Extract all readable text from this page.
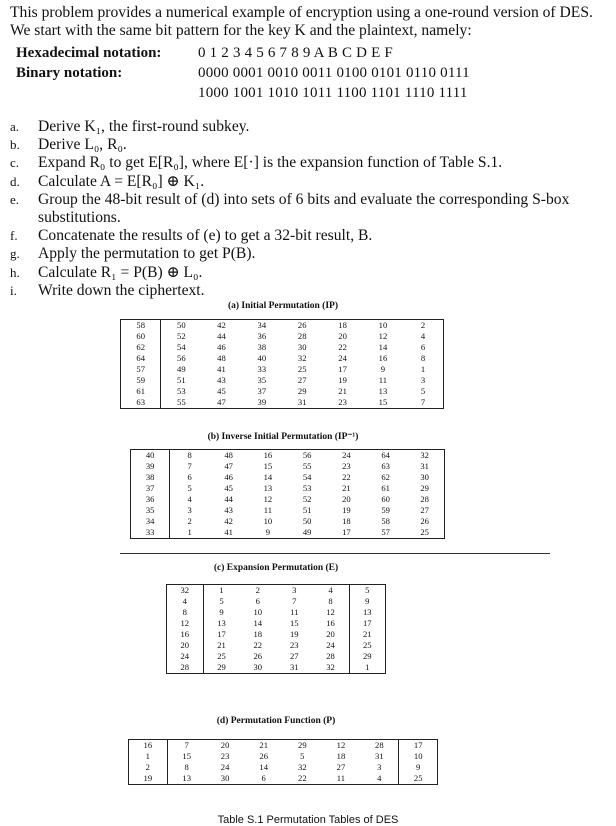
This problem provides a numerical example of encryption using a one-round version of DES. We start with the same bit pattern for the key K and the plaintext, namely:
Hexadecimal notation:	0 1 2 3 4 5 6 7 8 9 A B C D E F
Binary notation:	0000 0001 0010 0011 0100 0101 0110 0111
1000 1001 1010 1011 1100 1101 1110 1111
a.	Derive K₁, the first-round subkey.
b.	Derive L₀, R₀.
c.	Expand R₀ to get E[R₀], where E[·] is the expansion function of Table S.1.
d.	Calculate A = E[R₀] ⊕ K₁.
e.	Group the 48-bit result of (d) into sets of 6 bits and evaluate the corresponding S-box substitutions.
f.	Concatenate the results of (e) to get a 32-bit result, B.
g.	Apply the permutation to get P(B).
h.	Calculate R₁ = P(B) ⊕ L₀.
i.	Write down the ciphertext.
(a) Initial Permutation (IP)
58	50	42	34	26	18	10	2
60	52	44	36	28	20	12	4
62	54	46	38	30	22	14	6
64	56	48	40	32	24	16	8
57	49	41	33	25	17	9	1
59	51	43	35	27	19	11	3
61	53	45	37	29	21	13	5
63	55	47	39	31	23	15	7
(b) Inverse Initial Permutation (IP⁻¹)
40	8	48	16	56	24	64	32
39	7	47	15	55	23	63	31
38	6	46	14	54	22	62	30
37	5	45	13	53	21	61	29
36	4	44	12	52	20	60	28
35	3	43	11	51	19	59	27
34	2	42	10	50	18	58	26
33	1	41	9	49	17	57	25
(c) Expansion Permutation (E)
32	1	2	3	4	5
4	5	6	7	8	9
8	9	10	11	12	13
12	13	14	15	16	17
16	17	18	19	20	21
20	21	22	23	24	25
24	25	26	27	28	29
28	29	30	31	32	1
(d) Permutation Function (P)
16	7	20	21	29	12	28	17
1	15	23	26	5	18	31	10
2	8	24	14	32	27	3	9
19	13	30	6	22	11	4	25
Table S.1 Permutation Tables of DES
